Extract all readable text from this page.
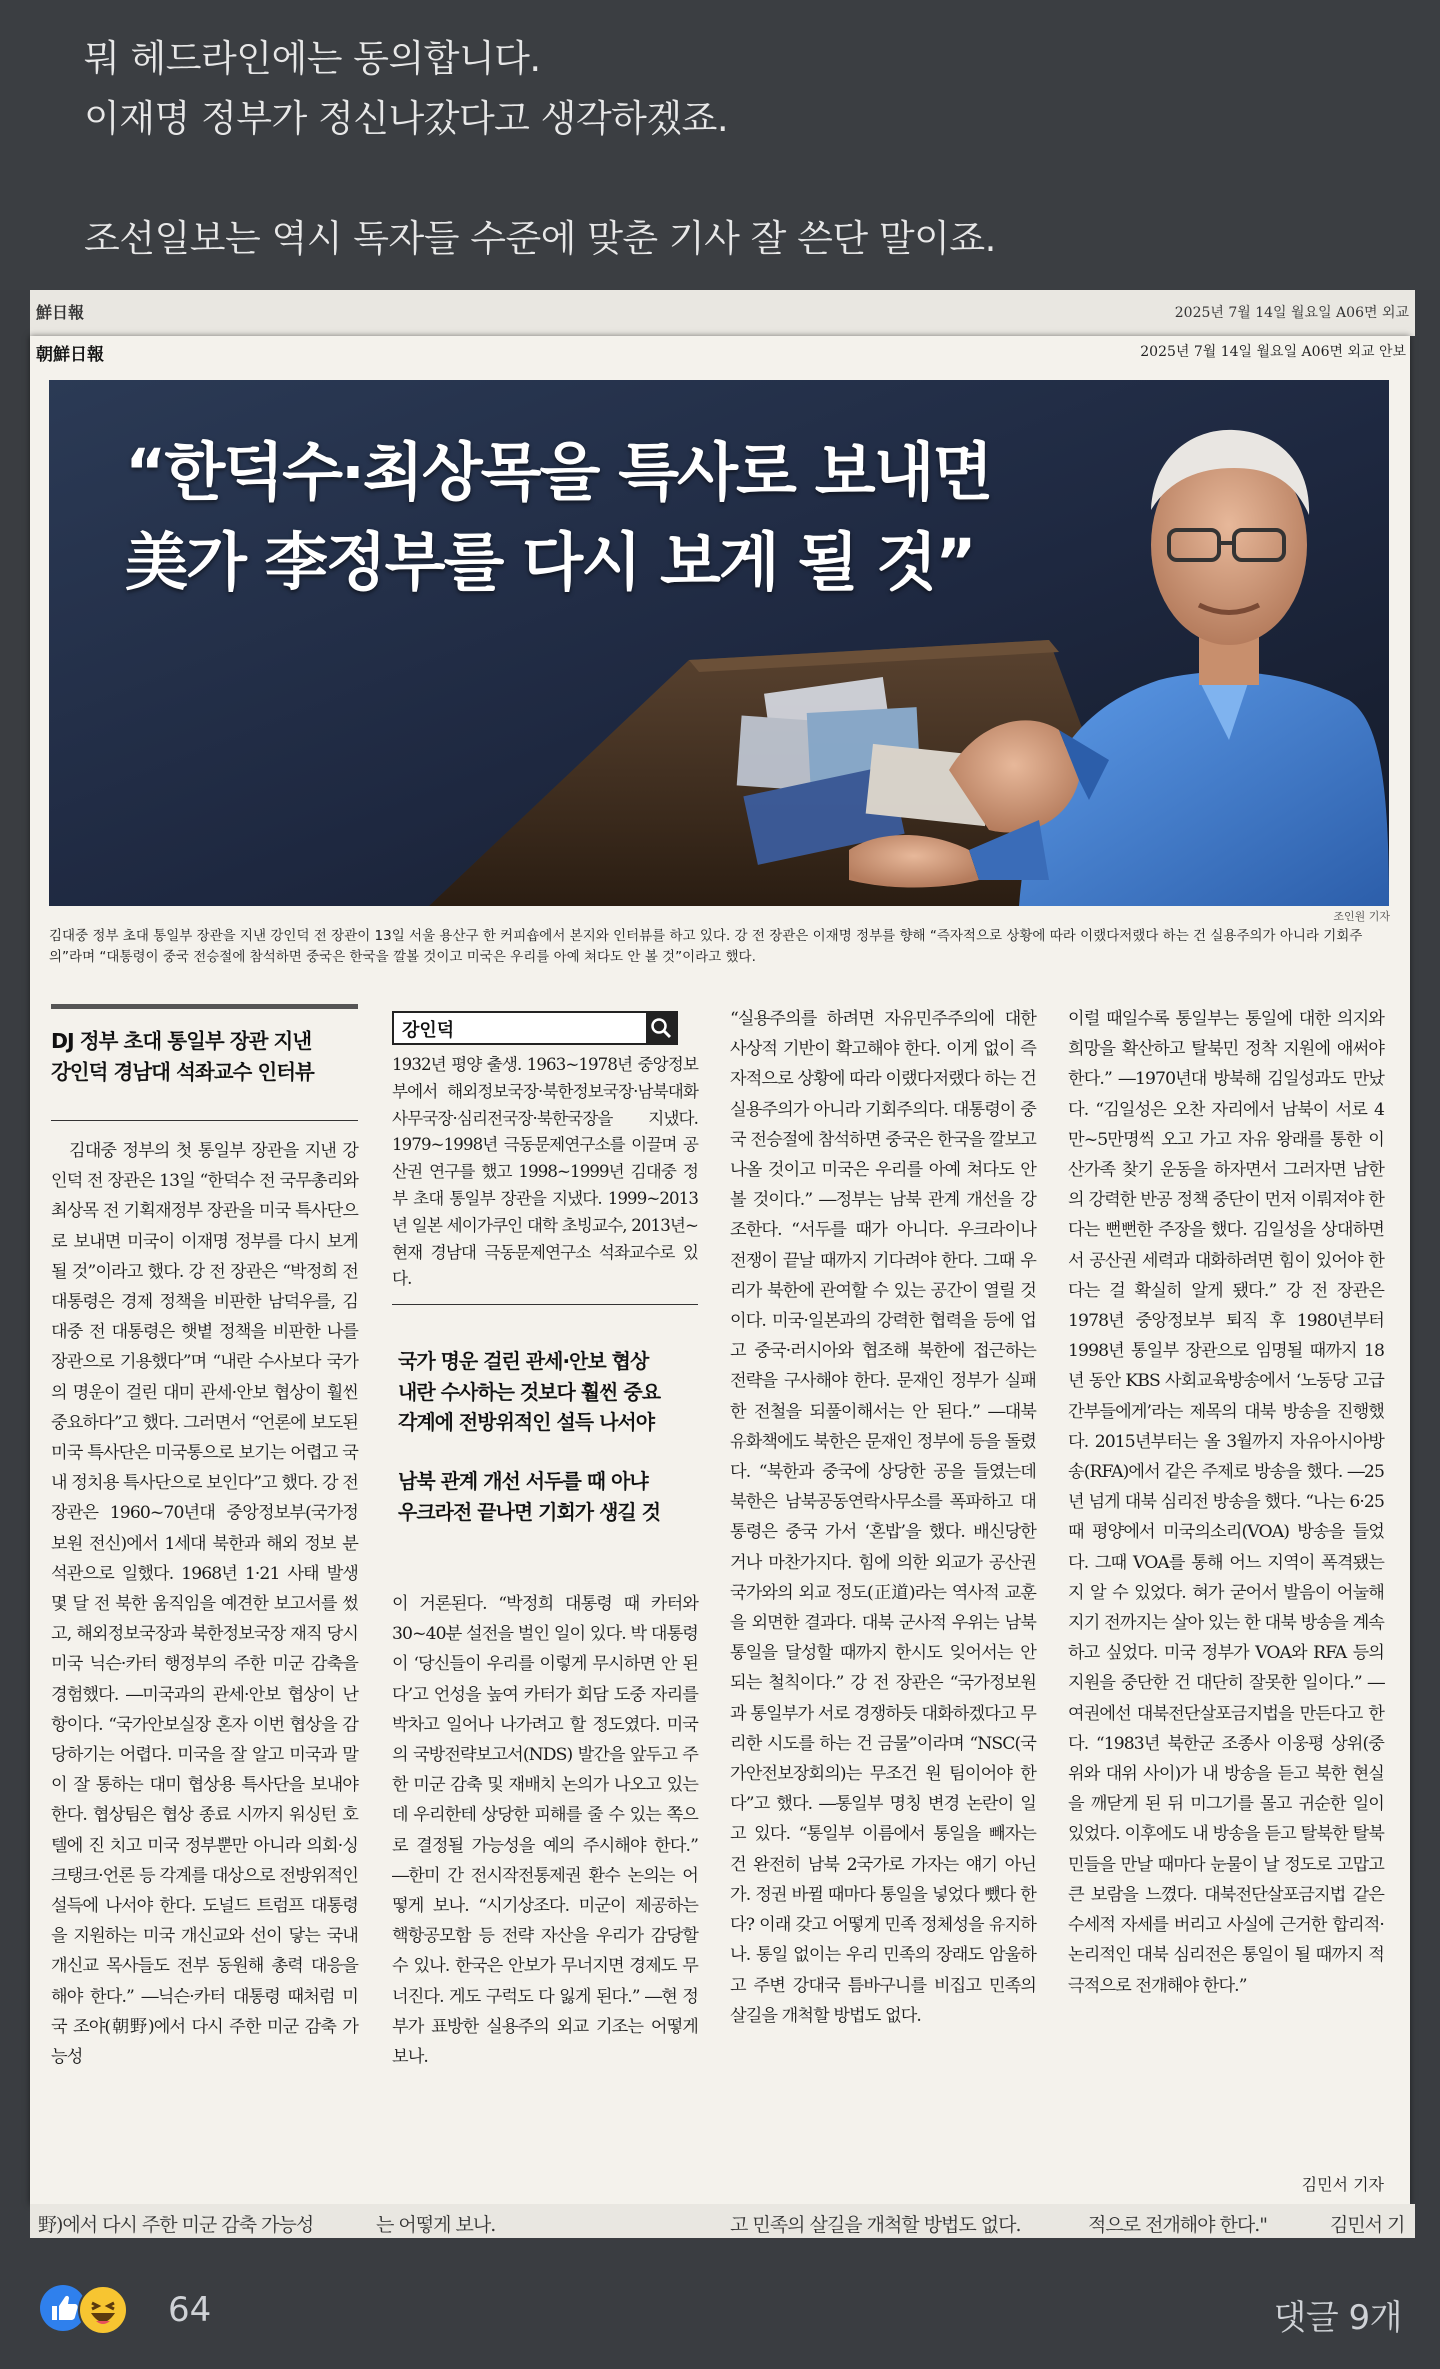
뭐 헤드라인에는 동의합니다.
이재명 정부가 정신나갔다고 생각하겠죠.
조선일보는 역시 독자들 수준에 맞춘 기사 잘 쓴단 말이죠.
鮮日報	2025년 7월 14일 월요일 A06면 외교
朝鮮日報	2025년 7월 14일 월요일 A06면 외교 안보
“한덕수·최상목을 특사로 보내면
美가 李정부를 다시 보게 될 것”
조인원 기자
김대중 정부 초대 통일부 장관을 지낸 강인덕 전 장관이 13일 서울 용산구 한 커피숍에서 본지와 인터뷰를 하고 있다. 강 전 장관은 이재명 정부를 향해 “즉자적으로 상황에 따라 이랬다저랬다 하는 건 실용주의가 아니라 기회주의”라며 “대통령이 중국 전승절에 참석하면 중국은 한국을 깔볼 것이고 미국은 우리를 아예 쳐다도 안 볼 것”이라고 했다.
DJ 정부 초대 통일부 장관 지낸
강인덕 경남대 석좌교수 인터뷰
김대중 정부의 첫 통일부 장관을 지낸 강인덕 전 장관은 13일 “한덕수 전 국무총리와 최상목 전 기획재정부 장관을 미국 특사단으로 보내면 미국이 이재명 정부를 다시 보게 될 것”이라고 했다. 강 전 장관은 “박정희 전 대통령은 경제 정책을 비판한 남덕우를, 김대중 전 대통령은 햇볕 정책을 비판한 나를 장관으로 기용했다”며 “내란 수사보다 국가의 명운이 걸린 대미 관세·안보 협상이 훨씬 중요하다”고 했다. 그러면서 “언론에 보도된 미국 특사단은 미국통으로 보기는 어렵고 국내 정치용 특사단으로 보인다”고 했다. 강 전 장관은 1960~70년대 중앙정보부(국가정보원 전신)에서 1세대 북한과 해외 정보 분석관으로 일했다. 1968년 1·21 사태 발생 몇 달 전 북한 움직임을 예견한 보고서를 썼고, 해외정보국장과 북한정보국장 재직 당시 미국 닉슨·카터 행정부의 주한 미군 감축을 경험했다. ―미국과의 관세·안보 협상이 난항이다. “국가안보실장 혼자 이번 협상을 감당하기는 어렵다. 미국을 잘 알고 미국과 말이 잘 통하는 대미 협상용 특사단을 보내야 한다. 협상팀은 협상 종료 시까지 워싱턴 호텔에 진 치고 미국 정부뿐만 아니라 의회·싱크탱크·언론 등 각계를 대상으로 전방위적인 설득에 나서야 한다. 도널드 트럼프 대통령을 지원하는 미국 개신교와 선이 닿는 국내 개신교 목사들도 전부 동원해 총력 대응을 해야 한다.” ―닉슨·카터 대통령 때처럼 미국 조야(朝野)에서 다시 주한 미군 감축 가능성
강인덕
1932년 평양 출생. 1963~1978년 중앙정보부에서 해외정보국장·북한정보국장·남북대화사무국장·심리전국장·북한국장을 지냈다. 1979~1998년 극동문제연구소를 이끌며 공산권 연구를 했고 1998~1999년 김대중 정부 초대 통일부 장관을 지냈다. 1999~2013년 일본 세이가쿠인 대학 초빙교수, 2013년~현재 경남대 극동문제연구소 석좌교수로 있다.
국가 명운 걸린 관세·안보 협상
내란 수사하는 것보다 훨씬 중요
각계에 전방위적인 설득 나서야
남북 관계 개선 서두를 때 아냐
우크라전 끝나면 기회가 생길 것
이 거론된다. “박정희 대통령 때 카터와 30~40분 설전을 벌인 일이 있다. 박 대통령이 ‘당신들이 우리를 이렇게 무시하면 안 된다’고 언성을 높여 카터가 회담 도중 자리를 박차고 일어나 나가려고 할 정도였다. 미국의 국방전략보고서(NDS) 발간을 앞두고 주한 미군 감축 및 재배치 논의가 나오고 있는데 우리한테 상당한 피해를 줄 수 있는 쪽으로 결정될 가능성을 예의 주시해야 한다.” ―한미 간 전시작전통제권 환수 논의는 어떻게 보나. “시기상조다. 미군이 제공하는 핵항공모함 등 전략 자산을 우리가 감당할 수 있나. 한국은 안보가 무너지면 경제도 무너진다. 게도 구럭도 다 잃게 된다.” ―현 정부가 표방한 실용주의 외교 기조는 어떻게 보나.
“실용주의를 하려면 자유민주주의에 대한 사상적 기반이 확고해야 한다. 이게 없이 즉자적으로 상황에 따라 이랬다저랬다 하는 건 실용주의가 아니라 기회주의다. 대통령이 중국 전승절에 참석하면 중국은 한국을 깔보고 나올 것이고 미국은 우리를 아예 쳐다도 안 볼 것이다.” ―정부는 남북 관계 개선을 강조한다. “서두를 때가 아니다. 우크라이나 전쟁이 끝날 때까지 기다려야 한다. 그때 우리가 북한에 관여할 수 있는 공간이 열릴 것이다. 미국·일본과의 강력한 협력을 등에 업고 중국·러시아와 협조해 북한에 접근하는 전략을 구사해야 한다. 문재인 정부가 실패한 전철을 되풀이해서는 안 된다.” ―대북 유화책에도 북한은 문재인 정부에 등을 돌렸다. “북한과 중국에 상당한 공을 들였는데 북한은 남북공동연락사무소를 폭파하고 대통령은 중국 가서 ‘혼밥’을 했다. 배신당한 거나 마찬가지다. 힘에 의한 외교가 공산권 국가와의 외교 정도(正道)라는 역사적 교훈을 외면한 결과다. 대북 군사적 우위는 남북 통일을 달성할 때까지 한시도 잊어서는 안 되는 철칙이다.” 강 전 장관은 “국가정보원과 통일부가 서로 경쟁하듯 대화하겠다고 무리한 시도를 하는 건 금물”이라며 “NSC(국가안전보장회의)는 무조건 원 팀이어야 한다”고 했다. ―통일부 명칭 변경 논란이 일고 있다. “통일부 이름에서 통일을 빼자는 건 완전히 남북 2국가로 가자는 얘기 아닌가. 정권 바뀔 때마다 통일을 넣었다 뺐다 한다? 이래 갖고 어떻게 민족 정체성을 유지하나. 통일 없이는 우리 민족의 장래도 암울하고 주변 강대국 틈바구니를 비집고 민족의 살길을 개척할 방법도 없다.
이럴 때일수록 통일부는 통일에 대한 의지와 희망을 확산하고 탈북민 정착 지원에 애써야 한다.” ―1970년대 방북해 김일성과도 만났다. “김일성은 오찬 자리에서 남북이 서로 4만~5만명씩 오고 가고 자유 왕래를 통한 이산가족 찾기 운동을 하자면서 그러자면 남한의 강력한 반공 정책 중단이 먼저 이뤄져야 한다는 뻔뻔한 주장을 했다. 김일성을 상대하면서 공산권 세력과 대화하려면 힘이 있어야 한다는 걸 확실히 알게 됐다.” 강 전 장관은 1978년 중앙정보부 퇴직 후 1980년부터 1998년 통일부 장관으로 임명될 때까지 18년 동안 KBS 사회교육방송에서 ‘노동당 고급 간부들에게’라는 제목의 대북 방송을 진행했다. 2015년부터는 올 3월까지 자유아시아방송(RFA)에서 같은 주제로 방송을 했다. ―25년 넘게 대북 심리전 방송을 했다. “나는 6·25 때 평양에서 미국의소리(VOA) 방송을 들었다. 그때 VOA를 통해 어느 지역이 폭격됐는지 알 수 있었다. 혀가 굳어서 발음이 어눌해지기 전까지는 살아 있는 한 대북 방송을 계속하고 싶었다. 미국 정부가 VOA와 RFA 등의 지원을 중단한 건 대단히 잘못한 일이다.” ―여권에선 대북전단살포금지법을 만든다고 한다. “1983년 북한군 조종사 이웅평 상위(중위와 대위 사이)가 내 방송을 듣고 북한 현실을 깨닫게 된 뒤 미그기를 몰고 귀순한 일이 있었다. 이후에도 내 방송을 듣고 탈북한 탈북민들을 만날 때마다 눈물이 날 정도로 고맙고 큰 보람을 느꼈다. 대북전단살포금지법 같은 수세적 자세를 버리고 사실에 근거한 합리적·논리적인 대북 심리전은 통일이 될 때까지 적극적으로 전개해야 한다.”
김민서 기자
野)에서 다시 주한 미군 감축 가능성	는 어떻게 보나.	고 민족의 살길을 개척할 방법도 없다.	적으로 전개해야 한다."	김민서 기
64	댓글 9개
